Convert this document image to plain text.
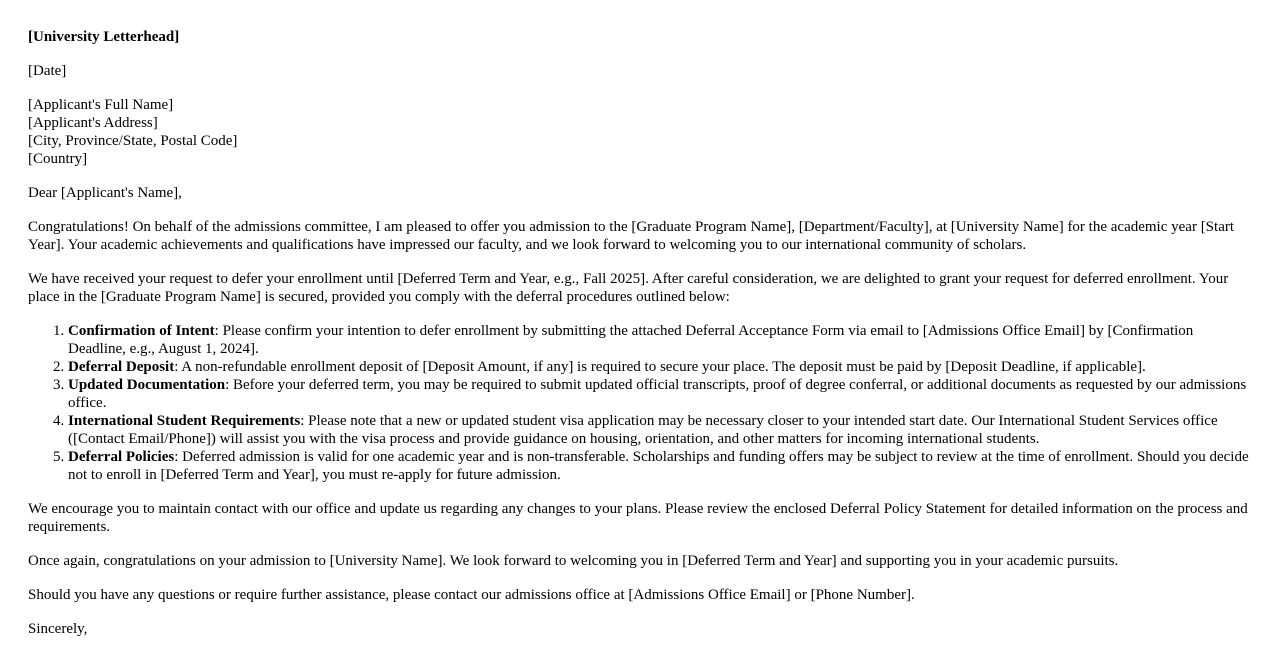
[University Letterhead]

[Date]

[Applicant's Full Name]
[Applicant's Address]
[City, Province/State, Postal Code]
[Country]

Dear [Applicant's Name],

Congratulations! On behalf of the admissions committee, I am pleased to offer you admission to the [Graduate Program Name], [Department/Faculty], at [University Name] for the academic year [Start Year]. Your academic achievements and qualifications have impressed our faculty, and we look forward to welcoming you to our international community of scholars.

We have received your request to defer your enrollment until [Deferred Term and Year, e.g., Fall 2025]. After careful consideration, we are delighted to grant your request for deferred enrollment. Your place in the [Graduate Program Name] is secured, provided you comply with the deferral procedures outlined below:

1. Confirmation of Intent: Please confirm your intention to defer enrollment by submitting the attached Deferral Acceptance Form via email to [Admissions Office Email] by [Confirmation Deadline, e.g., August 1, 2024].
2. Deferral Deposit: A non-refundable enrollment deposit of [Deposit Amount, if any] is required to secure your place. The deposit must be paid by [Deposit Deadline, if applicable].
3. Updated Documentation: Before your deferred term, you may be required to submit updated official transcripts, proof of degree conferral, or additional documents as requested by our admissions office.
4. International Student Requirements: Please note that a new or updated student visa application may be necessary closer to your intended start date. Our International Student Services office ([Contact Email/Phone]) will assist you with the visa process and provide guidance on housing, orientation, and other matters for incoming international students.
5. Deferral Policies: Deferred admission is valid for one academic year and is non-transferable. Scholarships and funding offers may be subject to review at the time of enrollment. Should you decide not to enroll in [Deferred Term and Year], you must re-apply for future admission.

We encourage you to maintain contact with our office and update us regarding any changes to your plans. Please review the enclosed Deferral Policy Statement for detailed information on the process and requirements.

Once again, congratulations on your admission to [University Name]. We look forward to welcoming you in [Deferred Term and Year] and supporting you in your academic pursuits.

Should you have any questions or require further assistance, please contact our admissions office at [Admissions Office Email] or [Phone Number].

Sincerely,
